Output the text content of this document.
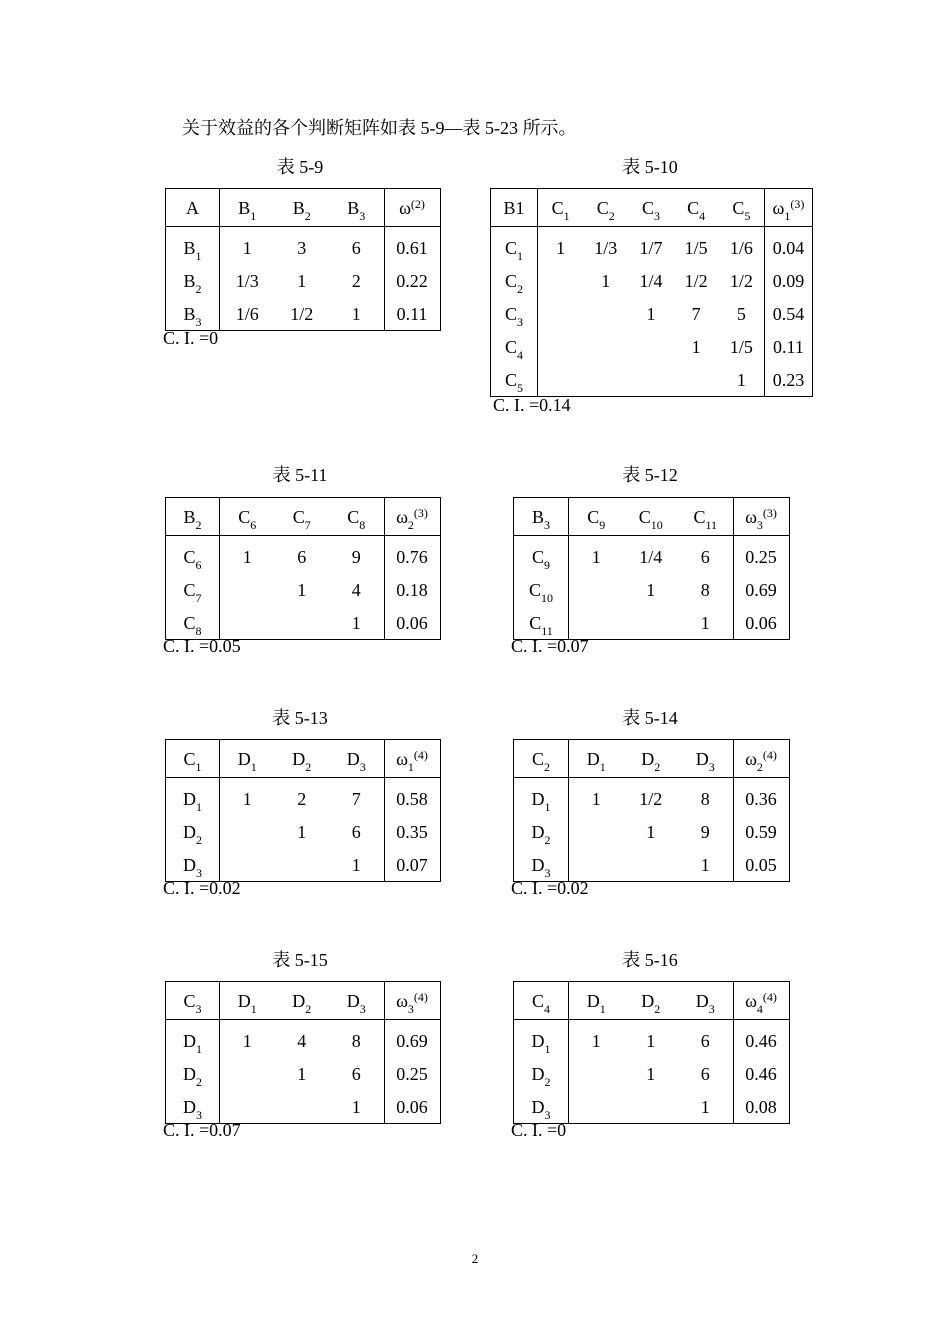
关于效益的各个判断矩阵如表 5-9—表 5-23 所示。
表 5-9
A	$B_1$	$B_2$	$B_3$	$\omega^{(2)}$

$B_1$	1	3	6	0.61
$B_2$	1/3	1	2	0.22
$B_3$	1/6	1/2	1	0.11
C. I. =0
表 5-10
B1	$C_1$	$C_2$	$C_3$	$C_4$	$C_5$	$\omega_1^{(3)}$

$C_1$	1	1/3	1/7	1/5	1/6	0.04
$C_2$		1	1/4	1/2	1/2	0.09
$C_3$			1	7	5	0.54
$C_4$				1	1/5	0.11
$C_5$					1	0.23
C. I. =0.14
表 5-11
$B_2$	$C_6$	$C_7$	$C_8$	$\omega_2^{(3)}$

$C_6$	1	6	9	0.76
$C_7$		1	4	0.18
$C_8$			1	0.06
C. I. =0.05
表 5-12
$B_3$	$C_9$	$C_{10}$	$C_{11}$	$\omega_3^{(3)}$

$C_9$	1	1/4	6	0.25
$C_{10}$		1	8	0.69
$C_{11}$			1	0.06
C. I. =0.07
表 5-13
$C_1$	$D_1$	$D_2$	$D_3$	$\omega_1^{(4)}$

$D_1$	1	2	7	0.58
$D_2$		1	6	0.35
$D_3$			1	0.07
C. I. =0.02
表 5-14
$C_2$	$D_1$	$D_2$	$D_3$	$\omega_2^{(4)}$

$D_1$	1	1/2	8	0.36
$D_2$		1	9	0.59
$D_3$			1	0.05
C. I. =0.02
表 5-15
$C_3$	$D_1$	$D_2$	$D_3$	$\omega_3^{(4)}$

$D_1$	1	4	8	0.69
$D_2$		1	6	0.25
$D_3$			1	0.06
C. I. =0.07
表 5-16
$C_4$	$D_1$	$D_2$	$D_3$	$\omega_4^{(4)}$

$D_1$	1	1	6	0.46
$D_2$		1	6	0.46
$D_3$			1	0.08
C. I. =0
2
